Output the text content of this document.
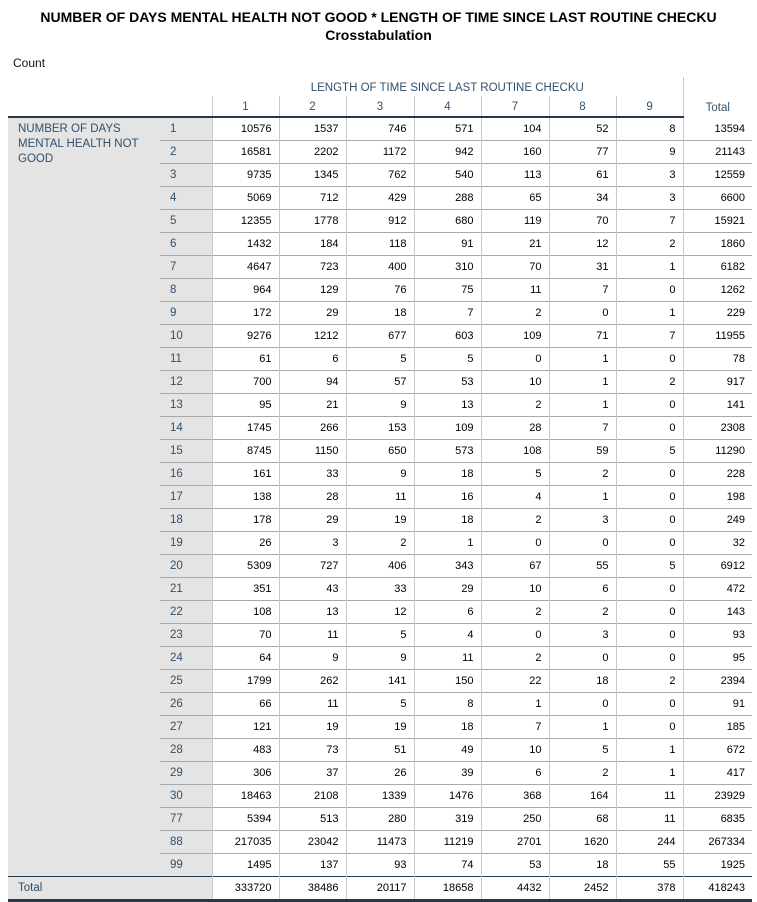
NUMBER OF DAYS MENTAL HEALTH NOT GOOD * LENGTH OF TIME SINCE LAST ROUTINE CHECKU Crosstabulation
Count
		LENGTH OF TIME SINCE LAST ROUTINE CHECKU							Total
		1	2	3	4	7	8	9	
NUMBER OF DAYS MENTAL HEALTH NOT GOOD	1	10576	1537	746	571	104	52	8	13594
	2	16581	2202	1172	942	160	77	9	21143
	3	9735	1345	762	540	113	61	3	12559
	4	5069	712	429	288	65	34	3	6600
	5	12355	1778	912	680	119	70	7	15921
	6	1432	184	118	91	21	12	2	1860
	7	4647	723	400	310	70	31	1	6182
	8	964	129	76	75	11	7	0	1262
	9	172	29	18	7	2	0	1	229
	10	9276	1212	677	603	109	71	7	11955
	11	61	6	5	5	0	1	0	78
	12	700	94	57	53	10	1	2	917
	13	95	21	9	13	2	1	0	141
	14	1745	266	153	109	28	7	0	2308
	15	8745	1150	650	573	108	59	5	11290
	16	161	33	9	18	5	2	0	228
	17	138	28	11	16	4	1	0	198
	18	178	29	19	18	2	3	0	249
	19	26	3	2	1	0	0	0	32
	20	5309	727	406	343	67	55	5	6912
	21	351	43	33	29	10	6	0	472
	22	108	13	12	6	2	2	0	143
	23	70	11	5	4	0	3	0	93
	24	64	9	9	11	2	0	0	95
	25	1799	262	141	150	22	18	2	2394
	26	66	11	5	8	1	0	0	91
	27	121	19	19	18	7	1	0	185
	28	483	73	51	49	10	5	1	672
	29	306	37	26	39	6	2	1	417
	30	18463	2108	1339	1476	368	164	11	23929
	77	5394	513	280	319	250	68	11	6835
	88	217035	23042	11473	11219	2701	1620	244	267334
	99	1495	137	93	74	53	18	55	1925
Total		333720	38486	20117	18658	4432	2452	378	418243
